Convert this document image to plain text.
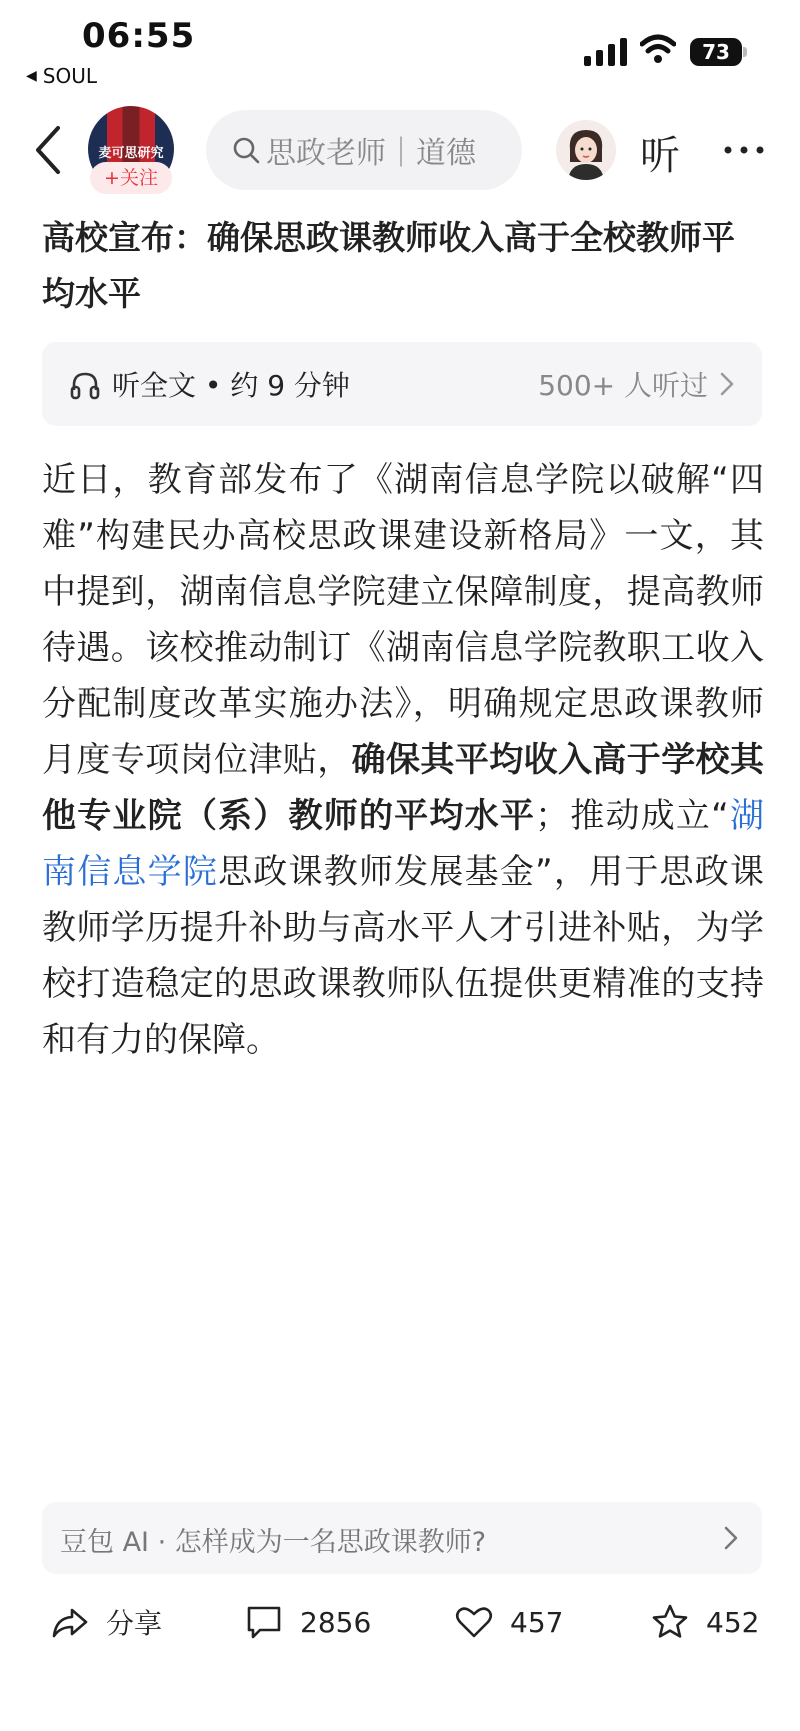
06:55
◀ SOUL
73
麦可思研究
+关注
思政老师｜道德	听
高校宣布：确保思政课教师收入高于全校教师平均水平
听全文 • 约 9 分钟	500+ 人听过
近日，教育部发布了《湖南信息学院以破解“四难”构建民办高校思政课建设新格局》一文，其中提到，湖南信息学院建立保障制度，提高教师待遇。该校推动制订《湖南信息学院教职工收入分配制度改革实施办法》，明确规定思政课教师月度专项岗位津贴，确保其平均收入高于学校其他专业院（系）教师的平均水平；推动成立“湖南信息学院思政课教师发展基金”，用于思政课教师学历提升补助与高水平人才引进补贴，为学校打造稳定的思政课教师队伍提供更精准的支持和有力的保障。
豆包 AI · 怎样成为一名思政课教师?
分享	2856	457	452
